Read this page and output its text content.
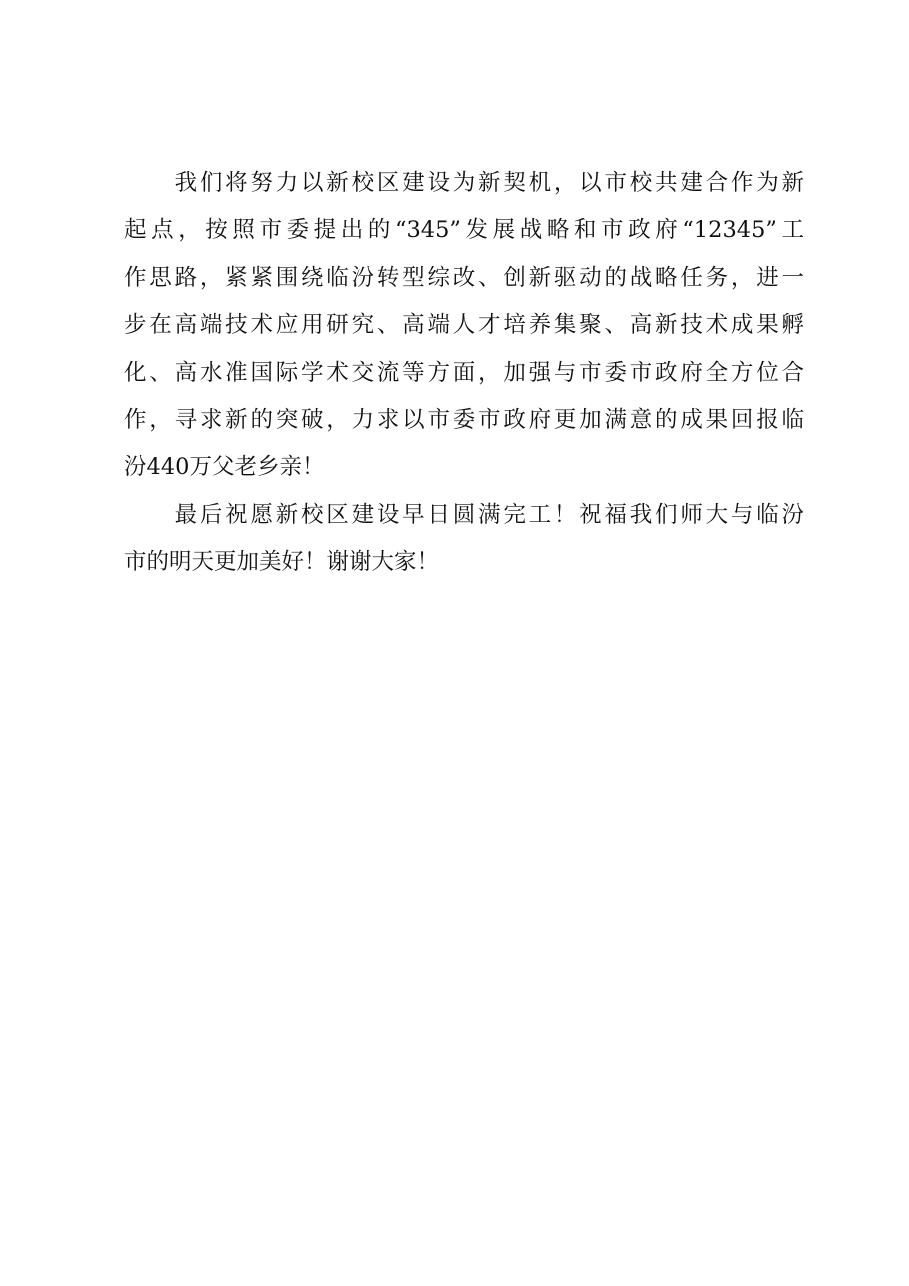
　　我们将努力以新校区建设为新契机，以市校共建合作为新
起点，按照市委提出的“345”发展战略和市政府“12345”工
作思路，紧紧围绕临汾转型综改、创新驱动的战略任务，进一
步在高端技术应用研究、高端人才培养集聚、高新技术成果孵
化、高水准国际学术交流等方面，加强与市委市政府全方位合
作，寻求新的突破，力求以市委市政府更加满意的成果回报临
汾440万父老乡亲！
　　最后祝愿新校区建设早日圆满完工！祝福我们师大与临汾
市的明天更加美好！谢谢大家！
